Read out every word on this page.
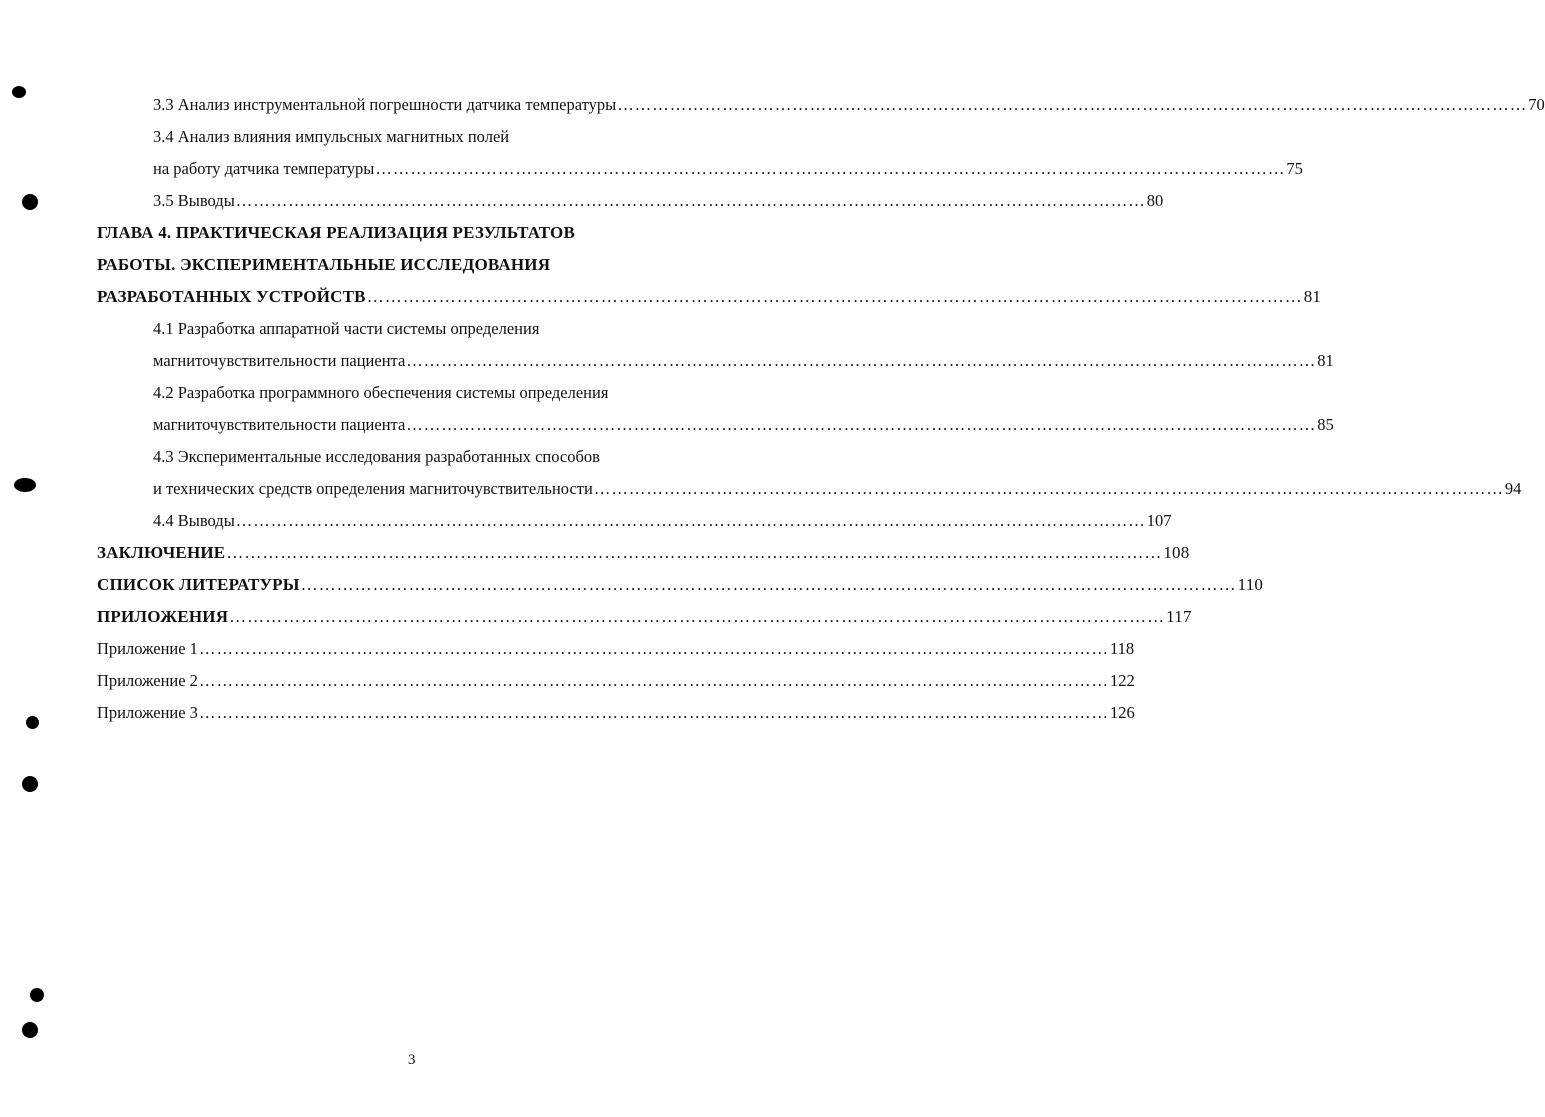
3.3 Анализ инструментальной погрешности датчика температуры ………………………………………………………………………………………………………………………………………… 70
3.4 Анализ влияния импульсных магнитных полей
на работу датчика температуры ………………………………………………………………………………………………………………………………………… 75
3.5 Выводы ………………………………………………………………………………………………………………………………………… 80
ГЛАВА 4. ПРАКТИЧЕСКАЯ РЕАЛИЗАЦИЯ РЕЗУЛЬТАТОВ
РАБОТЫ. ЭКСПЕРИМЕНТАЛЬНЫЕ ИССЛЕДОВАНИЯ
РАЗРАБОТАННЫХ УСТРОЙСТВ ………………………………………………………………………………………………………………………………………… 81
4.1 Разработка аппаратной части системы определения
магниточувствительности пациента ………………………………………………………………………………………………………………………………………… 81
4.2 Разработка программного обеспечения системы определения
магниточувствительности пациента ………………………………………………………………………………………………………………………………………… 85
4.3 Экспериментальные исследования разработанных способов
и технических средств определения магниточувствительности ………………………………………………………………………………………………………………………………………… 94
4.4 Выводы ………………………………………………………………………………………………………………………………………… 107
ЗАКЛЮЧЕНИЕ ………………………………………………………………………………………………………………………………………… 108
СПИСОК ЛИТЕРАТУРЫ ………………………………………………………………………………………………………………………………………… 110
ПРИЛОЖЕНИЯ ………………………………………………………………………………………………………………………………………… 117
Приложение 1 ………………………………………………………………………………………………………………………………………… 118
Приложение 2 ………………………………………………………………………………………………………………………………………… 122
Приложение 3 ………………………………………………………………………………………………………………………………………… 126
3
